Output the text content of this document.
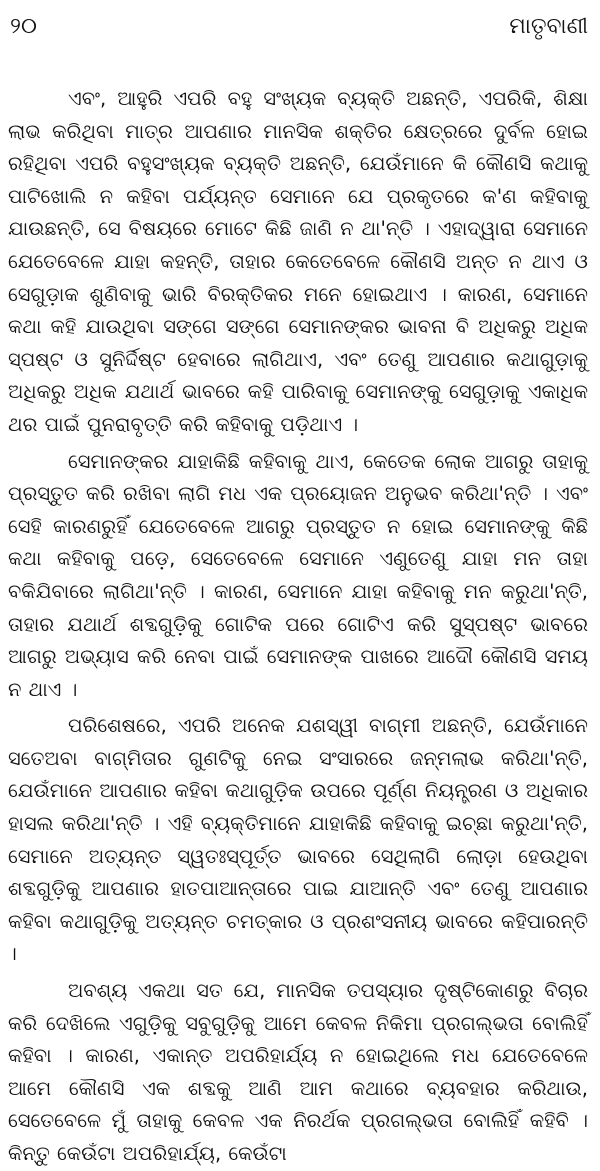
୨୦	ମାତୃବାଣୀ

ଏବଂ, ଆହୁରି ଏପରି ବହୁ ସଂଖ୍ୟକ ବ୍ୟକ୍ତି ଅଛନ୍ତି, ଏପରିକି, ଶିକ୍ଷା ଲାଭ କରିଥିବା ମାତ୍ର ଆପଣାର ମାନସିକ ଶକ୍ତିର କ୍ଷେତ୍ରରେ ଦୁର୍ବଳ ହୋଇ ରହିଥିବା ଏପରି ବହୁସଂଖ୍ୟକ ବ୍ୟକ୍ତି ଅଛନ୍ତି, ଯେଉଁମାନେ କି କୌଣସି କଥାକୁ ପାଟିଖୋଲି ନ କହିବା ପର୍ଯ୍ୟନ୍ତ ସେମାନେ ଯେ ପ୍ରକୃତରେ କ'ଣ କହିବାକୁ ଯାଉଛନ୍ତି, ସେ ବିଷୟରେ ମୋଟେ କିଛି ଜାଣି ନ ଥା'ନ୍ତି । ଏହାଦ୍ୱାରା ସେମାନେ ଯେତେବେଳେ ଯାହା କହନ୍ତି, ତାହାର କେତେବେଳେ କୌଣସି ଅନ୍ତ ନ ଥାଏ ଓ ସେଗୁଡ଼ାକ ଶୁଣିବାକୁ ଭାରି ବିରକ୍ତିକର ମନେ ହୋଇଥାଏ । କାରଣ, ସେମାନେ କଥା କହି ଯାଉଥିବା ସଙ୍ଗେ ସଙ୍ଗେ ସେମାନଙ୍କର ଭାବନା ବି ଅଧିକରୁ ଅଧିକ ସ୍ପଷ୍ଟ ଓ ସୁନିର୍ଦ୍ଦିଷ୍ଟ ହେବାରେ ଲାଗିଥାଏ, ଏବଂ ତେଣୁ ଆପଣାର କଥାଗୁଡ଼ାକୁ ଅଧିକରୁ ଅଧିକ ଯଥାର୍ଥ ଭାବରେ କହି ପାରିବାକୁ ସେମାନଙ୍କୁ ସେଗୁଡ଼ାକୁ ଏକାଧିକ ଥର ପାଇଁ ପୁନରାବୃତ୍ତି କରି କହିବାକୁ ପଡ଼ିଥାଏ ।

ସେମାନଙ୍କର ଯାହାକିଛି କହିବାକୁ ଥାଏ, କେତେକ ଲୋକ ଆଗରୁ ତାହାକୁ ପ୍ରସ୍ତୁତ କରି ରଖିବା ଲାଗି ମଧ ଏକ ପ୍ରୟୋଜନ ଅନୁଭବ କରିଥା'ନ୍ତି । ଏବଂ ସେହି କାରଣରୁହିଁ ଯେତେବେଳେ ଆଗରୁ ପ୍ରସ୍ତୁତ ନ ହୋଇ ସେମାନଙ୍କୁ କିଛି କଥା କହିବାକୁ ପଡ଼େ, ସେତେବେଳେ ସେମାନେ ଏଣୁତେଣୁ ଯାହା ମନ ତାହା ବକିଯିବାରେ ଲାଗିଥା'ନ୍ତି । କାରଣ, ସେମାନେ ଯାହା କହିବାକୁ ମନ କରୁଥା'ନ୍ତି, ତାହାର ଯଥାର୍ଥ ଶବ୍ଦଗୁଡ଼ିକୁ ଗୋଟିକ ପରେ ଗୋଟିଏ କରି ସୁସ୍ପଷ୍ଟ ଭାବରେ ଆଗରୁ ଅଭ୍ୟାସ କରି ନେବା ପାଇଁ ସେମାନଙ୍କ ପାଖରେ ଆଦୌ କୌଣସି ସମୟ ନ ଥାଏ ।

ପରିଶେଷରେ, ଏପରି ଅନେକ ଯଶସ୍ୱୀ ବାଗ୍ମୀ ଅଛନ୍ତି, ଯେଉଁମାନେ ସତେଅବା ବାଗ୍ମିତାର ଗୁଣଟିକୁ ନେଇ ସଂସାରରେ ଜନ୍ମଲାଭ କରିଥା'ନ୍ତି, ଯେଉଁମାନେ ଆପଣାର କହିବା କଥାଗୁଡ଼ିକ ଉପରେ ପୂର୍ଣ୍ଣ ନିୟନ୍ତ୍ରଣ ଓ ଅଧିକାର ହାସଲ କରିଥା'ନ୍ତି । ଏହି ବ୍ୟକ୍ତିମାନେ ଯାହାକିଛି କହିବାକୁ ଇଚ୍ଛା କରୁଥା'ନ୍ତି, ସେମାନେ ଅତ୍ୟନ୍ତ ସ୍ୱତଃସ୍ପୂର୍ତ୍ତ ଭାବରେ ସେଥିଲାଗି ଲୋଡ଼ା ହେଉଥିବା ଶବ୍ଦଗୁଡ଼ିକୁ ଆପଣାର ହାତପାଆନ୍ତାରେ ପାଇ ଯାଆନ୍ତି ଏବଂ ତେଣୁ ଆପଣାର କହିବା କଥାଗୁଡ଼ିକୁ ଅତ୍ୟନ୍ତ ଚମତ୍କାର ଓ ପ୍ରଶଂସନୀୟ ଭାବରେ କହିପାରନ୍ତି ।

ଅବଶ୍ୟ ଏକଥା ସତ ଯେ, ମାନସିକ ତପସ୍ୟାର ଦୃଷ୍ଟିକୋଣରୁ ବିଚାର କରି ଦେଖିଲେ ଏଗୁଡ଼ିକୁ ସବୁଗୁଡ଼ିକୁ ଆମେ କେବଳ ନିକିମା ପ୍ରଗଲ୍‌ଭତା ବୋଲିହିଁ କହିବା । କାରଣ, ଏକାନ୍ତ ଅପରିହାର୍ଯ୍ୟ ନ ହୋଇଥିଲେ ମଧ ଯେତେବେଳେ ଆମେ କୌଣସି ଏକ ଶବ୍ଦକୁ ଆଣି ଆମ କଥାରେ ବ୍ୟବହାର କରିଥାଉ, ସେତେବେଳେ ମୁଁ ତାହାକୁ କେବଳ ଏକ ନିରର୍ଥକ ପ୍ରଗଲ୍‌ଭତା ବୋଲିହିଁ କହିବି । କିନ୍ତୁ କେଉଁଟା ଅପରିହାର୍ଯ୍ୟ, କେଉଁଟା
